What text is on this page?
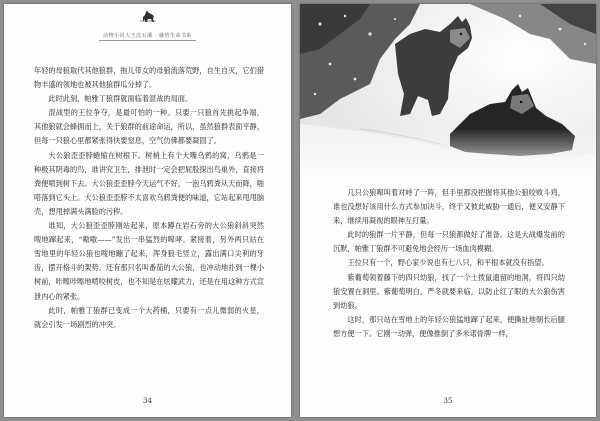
动物小说大王沈石溪 · 感悟生命书系

年轻的母狼取代其他狼群，拖儿带女的母狼流落荒野，自生自灭，它们猎物丰盛的领地也被其他狼群瓜分掉了。

此时此刻，帕雅丁狼群就面临着混战的局面。

混战型的王位争夺，是最可怕的一种。只要一只狼首先挑起争端，其他狼就会蜂拥而上，关于狼群的前途命运，所以，虽然狼群表面平静，但每一只狼心里都紧张得快要窒息，空气仿佛都要凝固了。

大公狼歪歪脖蜷缩在树根下。树梢上有个大嘴乌鸦的窝，乌鸦是一种极其阴毒的鸟，谁讲究卫生，排泄时一定会把屁股探出鸟巢外，直接将粪便喷到树下去。大公狼歪歪脖今天运气不好，一泡乌鸦粪从天而降，啪嗒落到它头上。大公狼歪歪脖不太喜欢乌鸦粪便的味道，它站起来甩甩脑壳，想甩掉满头满脸的污秽。

谁知，大公狼歪歪脖刚站起来，原本蹲在岩石旁的大公狼斜斜突然嗖地蹿起来，“嗷嗷——”发出一串猛烈的嗥哮。紧接着，另外两只站在雪地里的年轻公狼也嗖地蹦了起来，浑身狼毛竖立，露出满口尖利的牙齿，摆开格斗的架势。还有那只名叫番茄的大公狼，也冲动地扑到一棵小树前，咔嚓咔嚓地啃咬树皮，也不知是在炫耀武力，还是在用这种方式宣泄内心的紧张。

此时，帕雅丁狼群已变成一个大药桶，只要有一点儿微弱的火星，就会引发一场剧烈的冲突。

34

几只公狼嗥叫着对峙了一阵，但手里都没把握将其他公狼咬败斗鸡，谁也没想好该用什么方式参加决斗，终于又彼此威胁一通后，便又安静下来，继续用凝视的眼神互打量。

此时的狼群一片平静，但每一只狼都做好了准备。这是大战爆发前的沉默，帕雅丁狼群不可避免地会经历一场血肉模糊。

王位只有一个，野心家少说也有七八只，和平根本就没有指望。

紫葡萄领着藤下的四只幼狼，找了一个土拨鼠遗留的地洞，将四只幼狼安置在洞里。紫葡萄明白，严冬就要来临，以防止红了眼的大公狼伤害到幼狼。

这时，那只站在雪地上的年轻公狼猛地蹿了起来，便撕扯地朝长后腿想方便一下。它刚一动弹，便像推倒了多米诺骨牌一样，

35
